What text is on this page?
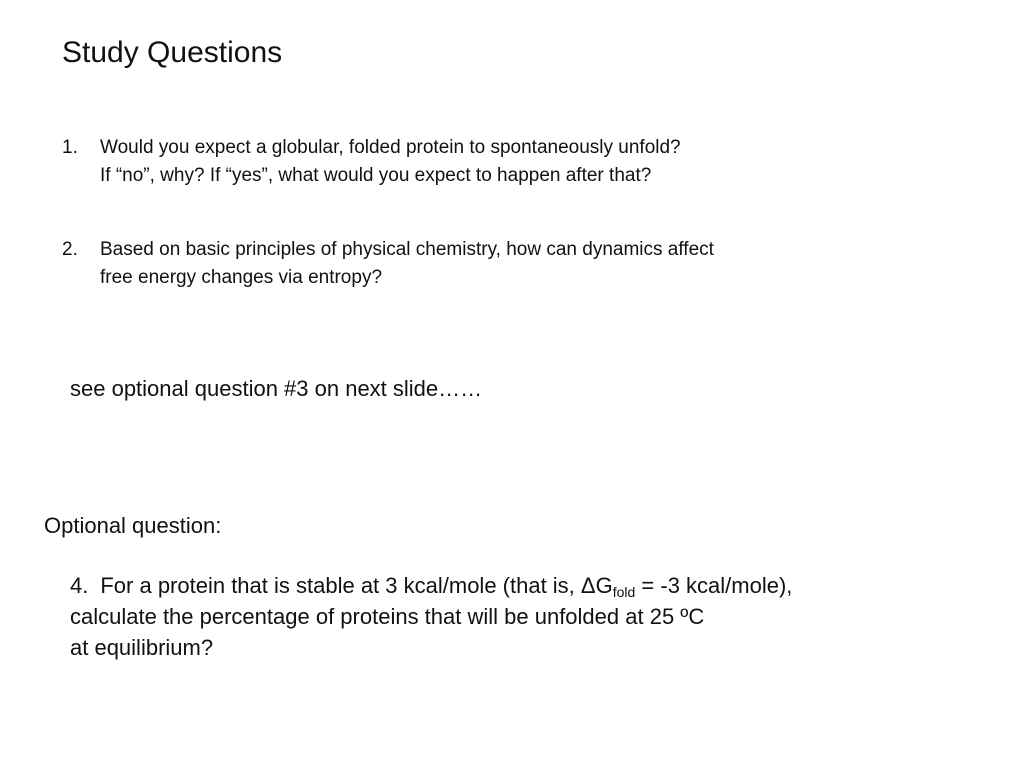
Study Questions
1. Would you expect a globular, folded protein to spontaneously unfold?
If “no”, why? If “yes”, what would you expect to happen after that?
2. Based on basic principles of physical chemistry, how can dynamics affect
free energy changes via entropy?
see optional question #3 on next slide……
Optional question:
4. For a protein that is stable at 3 kcal/mole (that is, $\Delta G_{fold} = -3$ kcal/mole),
calculate the percentage of proteins that will be unfolded at 25 ºC
at equilibrium?
